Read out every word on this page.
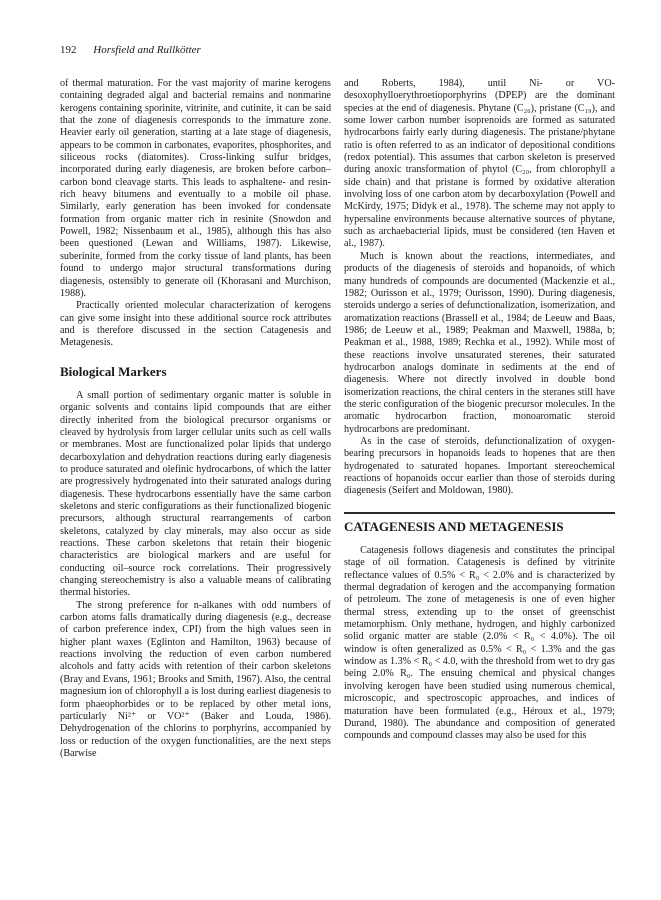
192 Horsfield and Rullkötter

of thermal maturation. For the vast majority of marine kerogens containing degraded algal and bacterial remains and nonmarine kerogens containing sporinite, vitrinite, and cutinite, it can be said that the zone of diagenesis corresponds to the immature zone. Heavier early oil generation, starting at a late stage of diagenesis, appears to be common in carbonates, evaporites, phosphorites, and siliceous rocks (diatomites). Cross-linking sulfur bridges, incorporated during early diagenesis, are broken before carbon–carbon bond cleavage starts. This leads to asphaltene- and resin-rich heavy bitumens and eventually to a mobile oil phase. Similarly, early generation has been invoked for condensate formation from organic matter rich in resinite (Snowdon and Powell, 1982; Nissenbaum et al., 1985), although this has also been questioned (Lewan and Williams, 1987). Likewise, suberinite, formed from the corky tissue of land plants, has been found to undergo major structural transformations during diagenesis, ostensibly to generate oil (Khorasani and Murchison, 1988).

Practically oriented molecular characterization of kerogens can give some insight into these additional source rock attributes and is therefore discussed in the section Catagenesis and Metagenesis.

Biological Markers

A small portion of sedimentary organic matter is soluble in organic solvents and contains lipid compounds that are either directly inherited from the biological precursor organisms or cleaved by hydrolysis from larger cellular units such as cell walls or membranes. Most are functionalized polar lipids that undergo decarboxylation and dehydration reactions during early diagenesis to produce saturated and olefinic hydrocarbons, of which the latter are progressively hydrogenated into their saturated analogs during diagenesis. These hydrocarbons essentially have the same carbon skeletons and steric configurations as their functionalized biogenic precursors, although structural rearrangements of carbon skeletons, catalyzed by clay minerals, may also occur as side reactions. These carbon skeletons that retain their biogenic characteristics are biological markers and are useful for conducting oil–source rock correlations. Their progressively changing stereochemistry is also a valuable means of calibrating thermal histories.

The strong preference for n-alkanes with odd numbers of carbon atoms falls dramatically during diagenesis (e.g., decrease of carbon preference index, CPI) from the high values seen in higher plant waxes (Eglinton and Hamilton, 1963) because of reactions involving the reduction of even carbon numbered alcohols and fatty acids with retention of their carbon skeletons (Bray and Evans, 1961; Brooks and Smith, 1967). Also, the central magnesium ion of chlorophyll a is lost during earliest diagenesis to form phaeophorbides or to be replaced by other metal ions, particularly Ni²⁺ or VO²⁺ (Baker and Louda, 1986). Dehydrogenation of the chlorins to porphyrins, accompanied by loss or reduction of the oxygen functionalities, are the next steps (Barwise

and Roberts, 1984), until Ni- or VO-desoxophylloerythroetioporphyrins (DPEP) are the dominant species at the end of diagenesis. Phytane (C₂₀), pristane (C₁₉), and some lower carbon number isoprenoids are formed as saturated hydrocarbons fairly early during diagenesis. The pristane/phytane ratio is often referred to as an indicator of depositional conditions (redox potential). This assumes that carbon skeleton is preserved during anoxic transformation of phytol (C₂₀, from chlorophyll a side chain) and that pristane is formed by oxidative alteration involving loss of one carbon atom by decarboxylation (Powell and McKirdy, 1975; Didyk et al., 1978). The scheme may not apply to hypersaline environments because alternative sources of phytane, such as archaebacterial lipids, must be considered (ten Haven et al., 1987).

Much is known about the reactions, intermediates, and products of the diagenesis of steroids and hopanoids, of which many hundreds of compounds are documented (Mackenzie et al., 1982; Ourisson et al., 1979; Ourisson, 1990). During diagenesis, steroids undergo a series of defunctionalization, isomerization, and aromatization reactions (Brassell et al., 1984; de Leeuw and Baas, 1986; de Leeuw et al., 1989; Peakman and Maxwell, 1988a, b; Peakman et al., 1988, 1989; Rechka et al., 1992). While most of these reactions involve unsaturated sterenes, their saturated hydrocarbon analogs dominate in sediments at the end of diagenesis. Where not directly involved in double bond isomerization reactions, the chiral centers in the steranes still have the steric configuration of the biogenic precursor molecules. In the aromatic hydrocarbon fraction, monoaromatic steroid hydrocarbons are predominant.

As in the case of steroids, defunctionalization of oxygen-bearing precursors in hopanoids leads to hopenes that are then hydrogenated to saturated hopanes. Important stereochemical reactions of hopanoids occur earlier than those of steroids during diagenesis (Seifert and Moldowan, 1980).

CATAGENESIS AND METAGENESIS

Catagenesis follows diagenesis and constitutes the principal stage of oil formation. Catagenesis is defined by vitrinite reflectance values of 0.5% < R₀ < 2.0% and is characterized by thermal degradation of kerogen and the accompanying formation of petroleum. The zone of metagenesis is one of even higher thermal stress, extending up to the onset of greenschist metamorphism. Only methane, hydrogen, and highly carbonized solid organic matter are stable (2.0% < R₀ < 4.0%). The oil window is often generalized as 0.5% < R₀ < 1.3% and the gas window as 1.3% < R₀ < 4.0, with the threshold from wet to dry gas being 2.0% R₀. The ensuing chemical and physical changes involving kerogen have been studied using numerous chemical, microscopic, and spectroscopic approaches, and indices of maturation have been formulated (e.g., Héroux et al., 1979; Durand, 1980). The abundance and composition of generated compounds and compound classes may also be used for this
